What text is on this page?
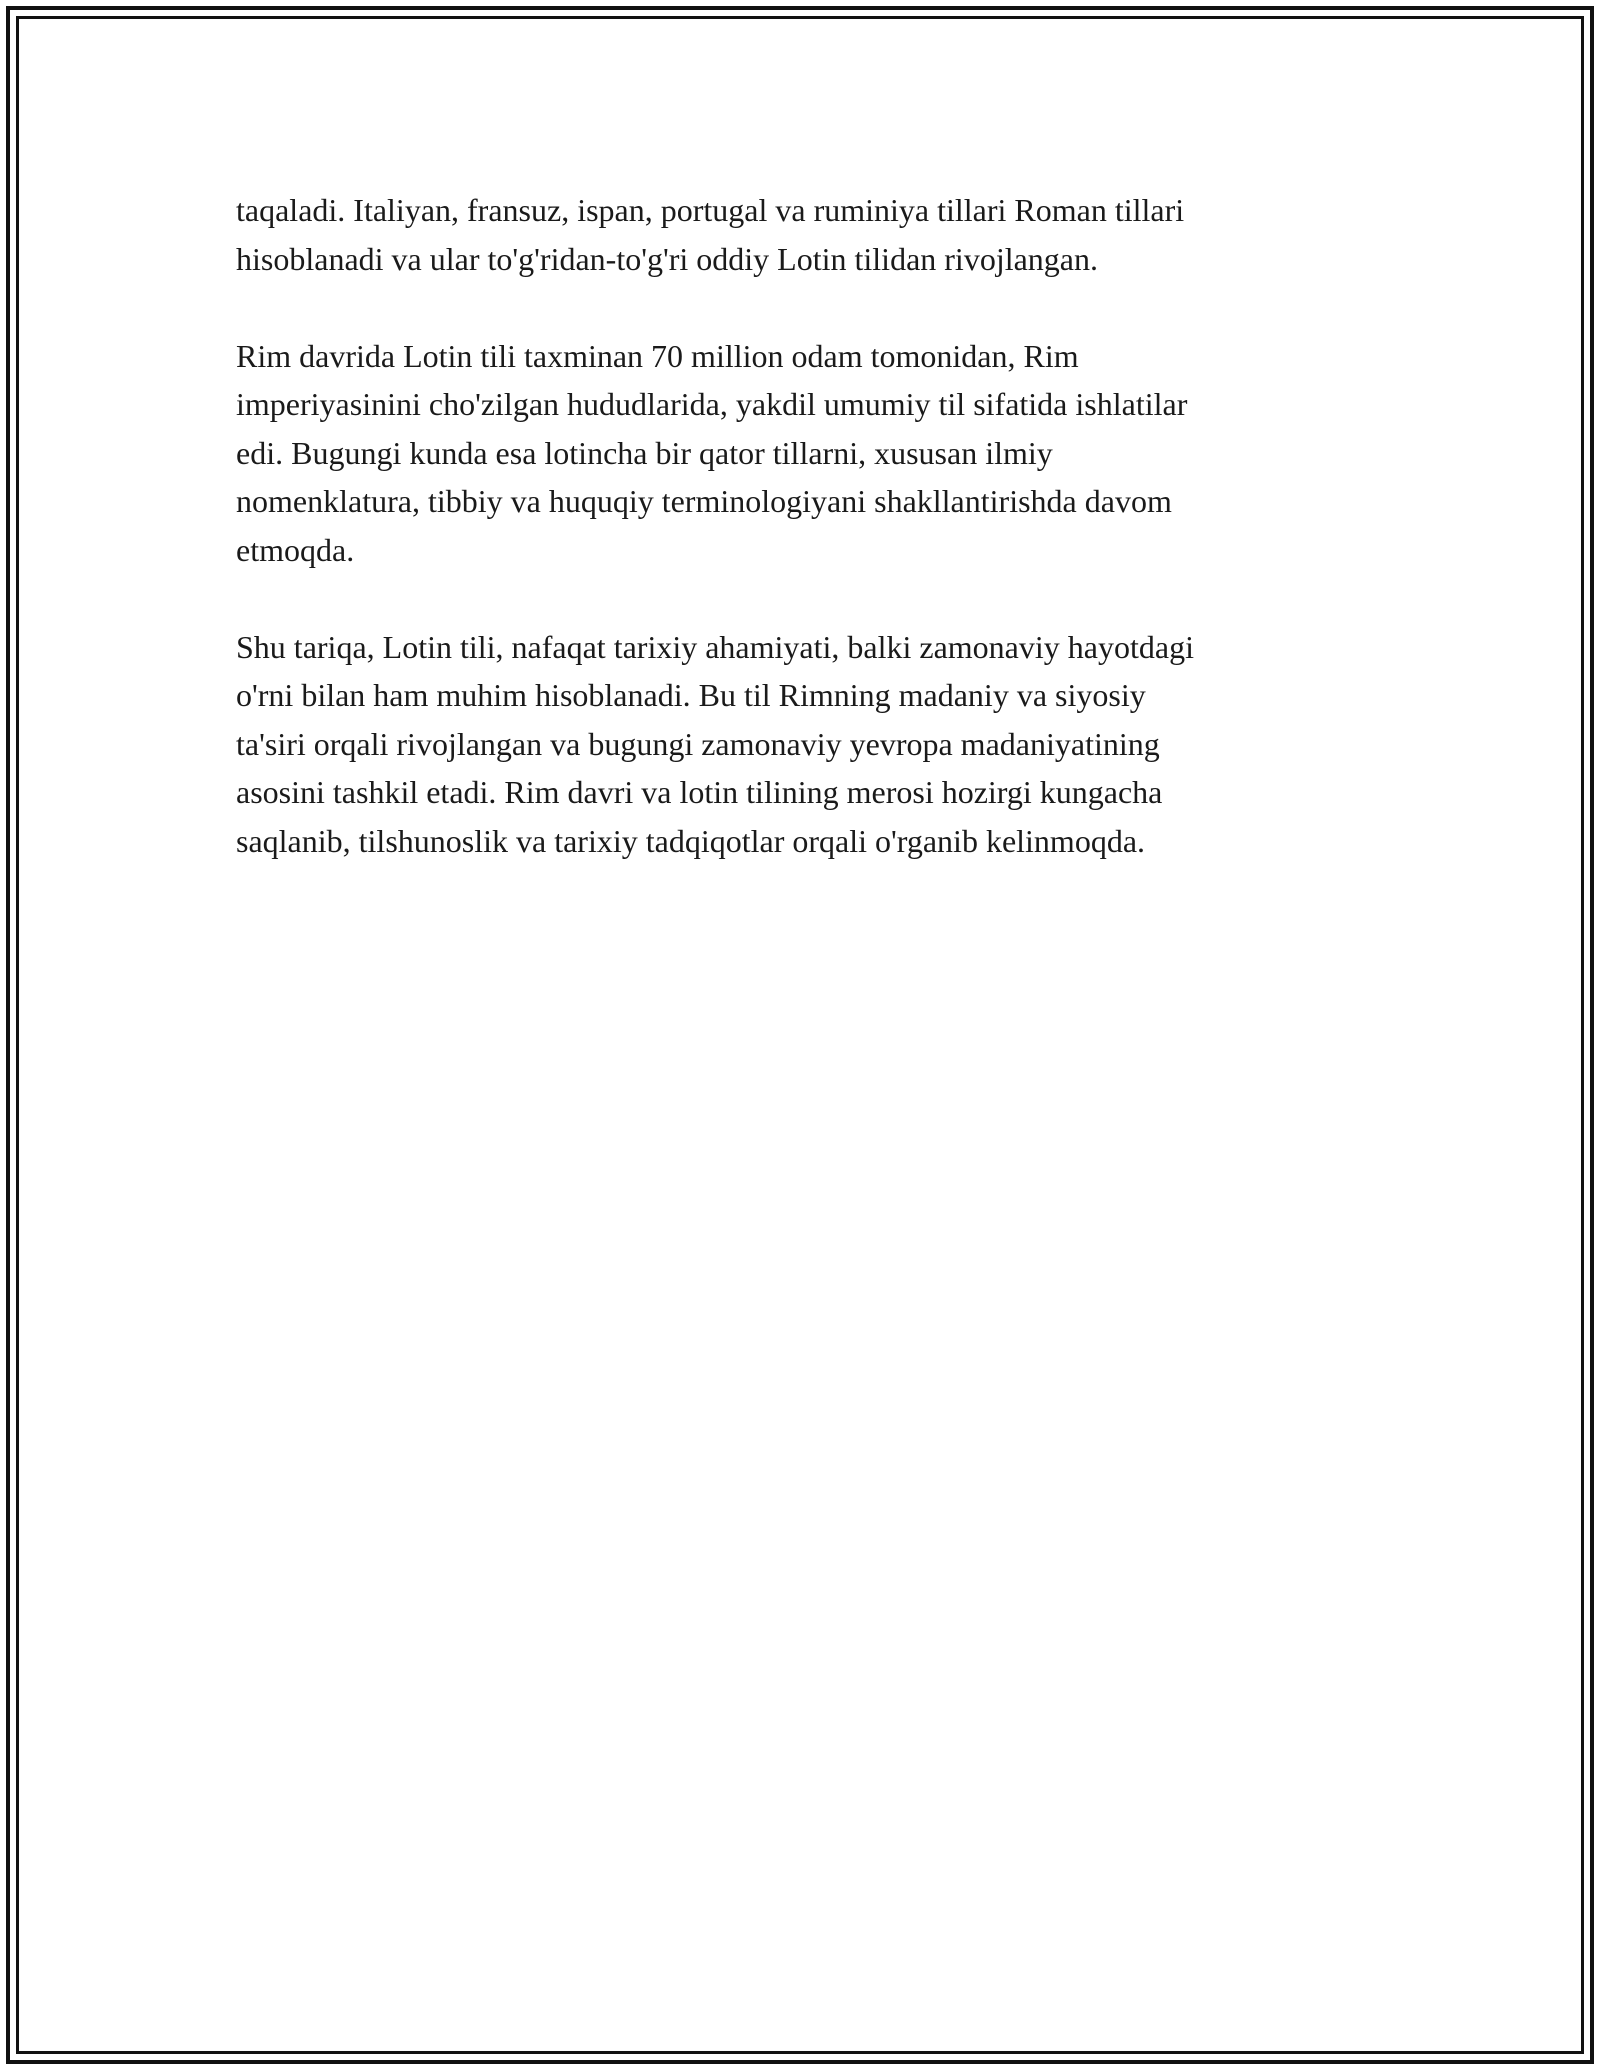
taqaladi. Italiyan, fransuz, ispan, portugal va ruminiya tillari Roman tillari
hisoblanadi va ular to'g'ridan-to'g'ri oddiy Lotin tilidan rivojlangan.

Rim davrida Lotin tili taxminan 70 million odam tomonidan, Rim
imperiyasinini cho'zilgan hududlarida, yakdil umumiy til sifatida ishlatilar
edi. Bugungi kunda esa lotincha bir qator tillarni, xususan ilmiy
nomenklatura, tibbiy va huquqiy terminologiyani shakllantirishda davom
etmoqda.

Shu tariqa, Lotin tili, nafaqat tarixiy ahamiyati, balki zamonaviy hayotdagi
o'rni bilan ham muhim hisoblanadi. Bu til Rimning madaniy va siyosiy
ta'siri orqali rivojlangan va bugungi zamonaviy yevropa madaniyatining
asosini tashkil etadi. Rim davri va lotin tilining merosi hozirgi kungacha
saqlanib, tilshunoslik va tarixiy tadqiqotlar orqali o'rganib kelinmoqda.
